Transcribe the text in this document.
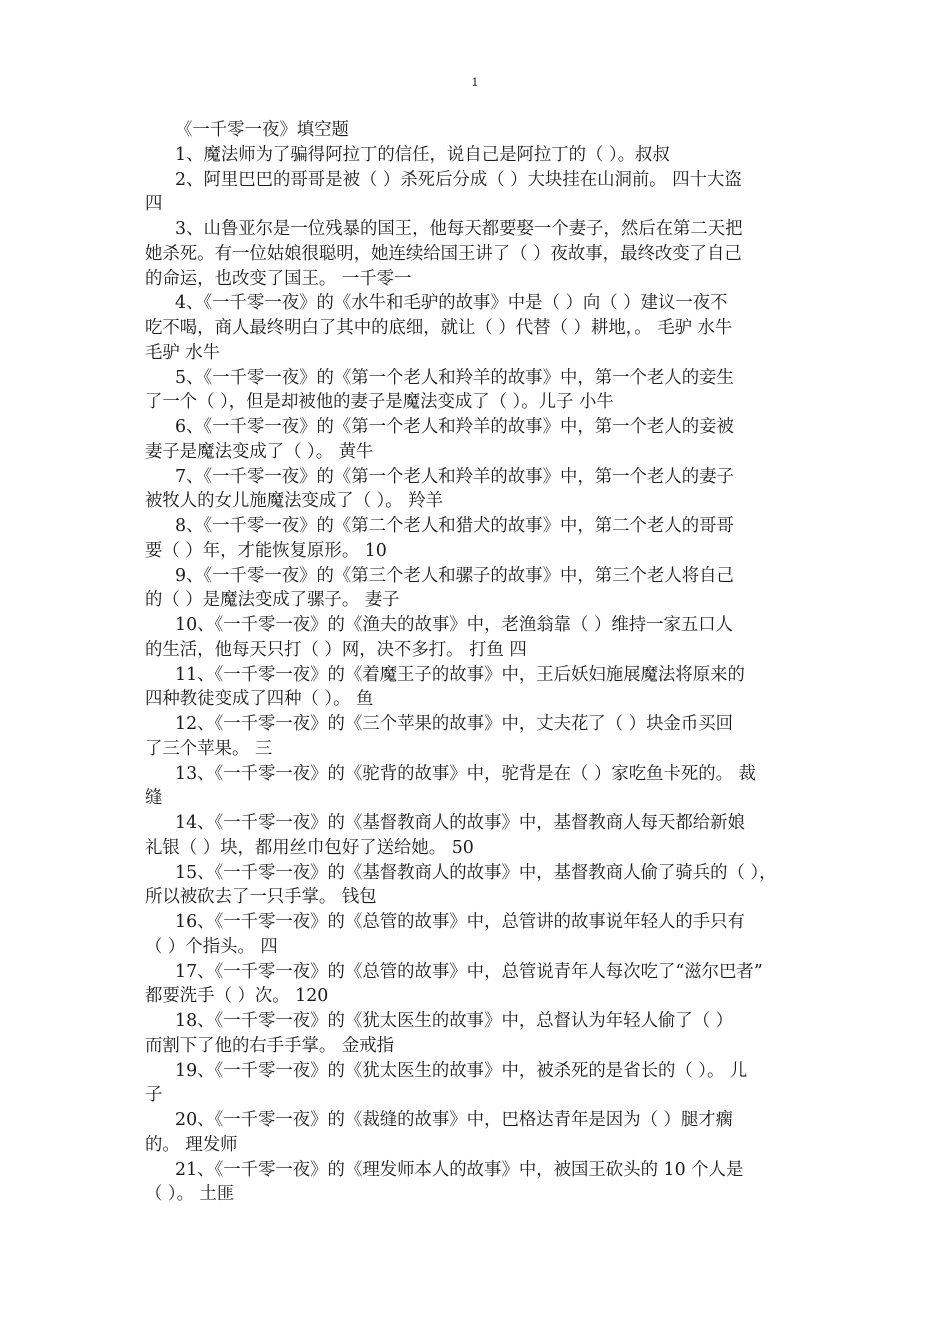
1
《一千零一夜》填空题
1、魔法师为了骗得阿拉丁的信任，说自己是阿拉丁的（ ）。叔叔
2、阿里巴巴的哥哥是被（ ）杀死后分成（ ）大块挂在山洞前。 四十大盗
四
3、山鲁亚尔是一位残暴的国王，他每天都要娶一个妻子，然后在第二天把
她杀死。有一位姑娘很聪明，她连续给国王讲了（ ）夜故事，最终改变了自己
的命运，也改变了国王。 一千零一
4、《一千零一夜》的《水牛和毛驴的故事》中是（ ）向（ ）建议一夜不
吃不喝，商人最终明白了其中的底细，就让（ ）代替（ ）耕地，。 毛驴 水牛
毛驴 水牛
5、《一千零一夜》的《第一个老人和羚羊的故事》中，第一个老人的妾生
了一个（ ），但是却被他的妻子是魔法变成了（ ）。儿子 小牛
6、《一千零一夜》的《第一个老人和羚羊的故事》中，第一个老人的妾被
妻子是魔法变成了（ ）。 黄牛
7、《一千零一夜》的《第一个老人和羚羊的故事》中，第一个老人的妻子
被牧人的女儿施魔法变成了（ ）。 羚羊
8、《一千零一夜》的《第二个老人和猎犬的故事》中，第二个老人的哥哥
要（ ）年，才能恢复原形。 10
9、《一千零一夜》的《第三个老人和骡子的故事》中，第三个老人将自己
的（ ）是魔法变成了骡子。 妻子
10、《一千零一夜》的《渔夫的故事》中，老渔翁靠（ ）维持一家五口人
的生活，他每天只打（ ）网，决不多打。 打鱼 四
11、《一千零一夜》的《着魔王子的故事》中，王后妖妇施展魔法将原来的
四种教徒变成了四种（ ）。 鱼
12、《一千零一夜》的《三个苹果的故事》中，丈夫花了（ ）块金币买回
了三个苹果。 三
13、《一千零一夜》的《驼背的故事》中，驼背是在（ ）家吃鱼卡死的。 裁
缝
14、《一千零一夜》的《基督教商人的故事》中，基督教商人每天都给新娘
礼银（ ）块，都用丝巾包好了送给她。 50
15、《一千零一夜》的《基督教商人的故事》中，基督教商人偷了骑兵的（ ），
所以被砍去了一只手掌。 钱包
16、《一千零一夜》的《总管的故事》中，总管讲的故事说年轻人的手只有
（ ）个指头。 四
17、《一千零一夜》的《总管的故事》中，总管说青年人每次吃了“滋尔巴者”
都要洗手（ ）次。 120
18、《一千零一夜》的《犹太医生的故事》中，总督认为年轻人偷了（ ）
而割下了他的右手手掌。 金戒指
19、《一千零一夜》的《犹太医生的故事》中，被杀死的是省长的（ ）。 儿
子
20、《一千零一夜》的《裁缝的故事》中，巴格达青年是因为（ ）腿才瘸
的。 理发师
21、《一千零一夜》的《理发师本人的故事》中，被国王砍头的 10 个人是
（ ）。 土匪
